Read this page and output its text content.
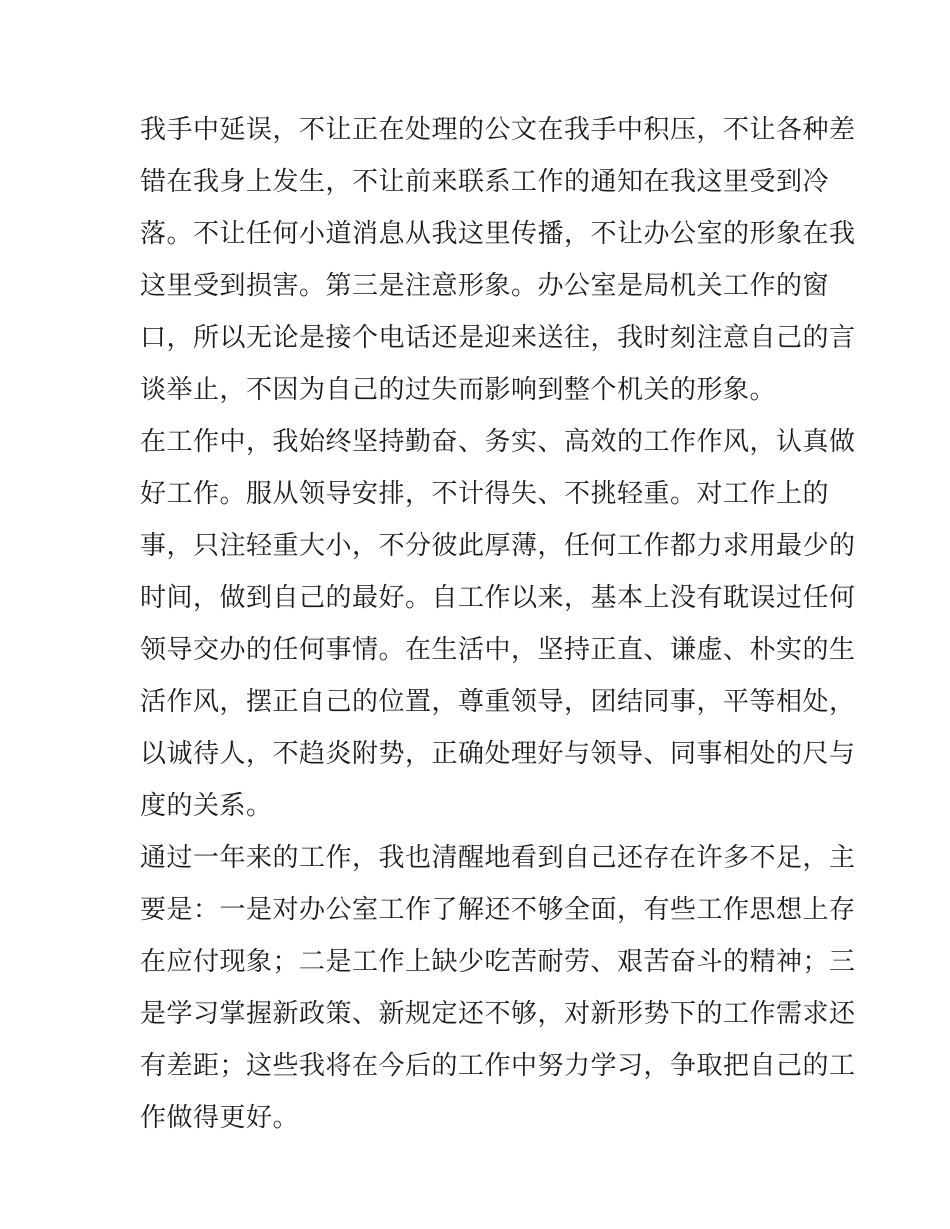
我手中延误，不让正在处理的公文在我手中积压，不让各种差
错在我身上发生，不让前来联系工作的通知在我这里受到冷
落。不让任何小道消息从我这里传播，不让办公室的形象在我
这里受到损害。第三是注意形象。办公室是局机关工作的窗
口，所以无论是接个电话还是迎来送往，我时刻注意自己的言
谈举止，不因为自己的过失而影响到整个机关的形象。
在工作中，我始终坚持勤奋、务实、高效的工作作风，认真做
好工作。服从领导安排，不计得失、不挑轻重。对工作上的
事，只注轻重大小，不分彼此厚薄，任何工作都力求用最少的
时间，做到自己的最好。自工作以来，基本上没有耽误过任何
领导交办的任何事情。在生活中，坚持正直、谦虚、朴实的生
活作风，摆正自己的位置，尊重领导，团结同事，平等相处，
以诚待人，不趋炎附势，正确处理好与领导、同事相处的尺与
度的关系。
通过一年来的工作，我也清醒地看到自己还存在许多不足，主
要是：一是对办公室工作了解还不够全面，有些工作思想上存
在应付现象；二是工作上缺少吃苦耐劳、艰苦奋斗的精神；三
是学习掌握新政策、新规定还不够，对新形势下的工作需求还
有差距；这些我将在今后的工作中努力学习，争取把自己的工
作做得更好。
